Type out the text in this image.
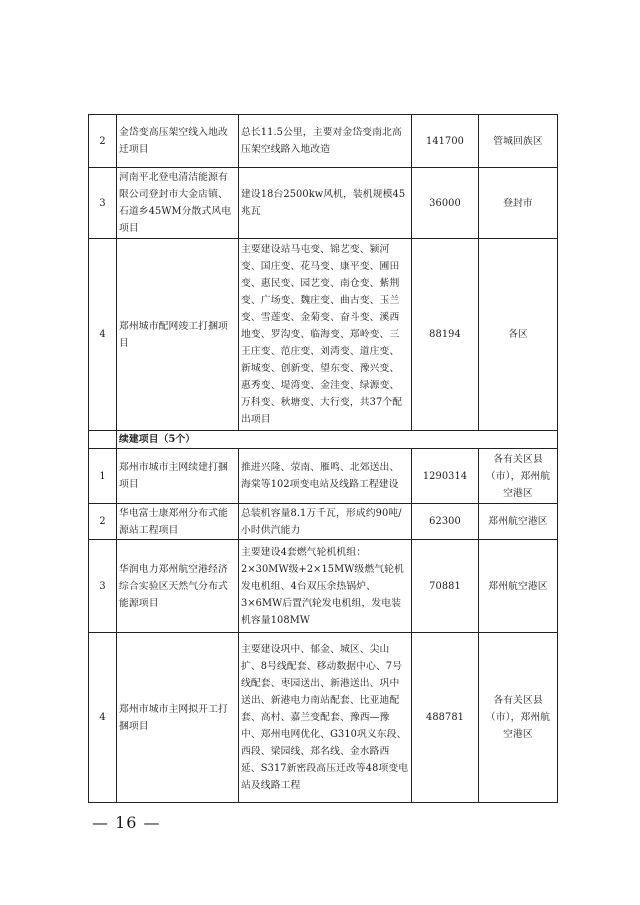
2	金岱变高压架空线入地改迁项目	总长11.5公里，主要对金岱变南北高压架空线路入地改造	141700	管城回族区
3	河南平北登电清洁能源有限公司登封市大金店镇、石道乡45WM分散式风电项目	建设18台2500kw风机，装机规模45兆瓦	36000	登封市
4	郑州城市配网竣工打捆项目	主要建设站马屯变、锦艺变、颍河变、国庄变、花马变、康平变、圃田变、惠民变、园艺变、南仓变、紫荆变、广场变、魏庄变、曲古变、玉兰变、雪莲变、金菊变、奋斗变、溪西地变、罗沟变、临海变、郑岭变、三王庄变、范庄变、刘湾变、道庄变、新城变、创新变、望东变、豫兴变、惠秀变、堤湾变、金洼变、绿源变、万科变、秋塘变、大行变，共37个配出项目	88194	各区
	续建项目（5个）			
1	郑州市城市主网续建打捆项目	推进兴隆、荥南、雁鸣、北郊送出、海棠等102项变电站及线路工程建设	1290314	各有关区县（市），郑州航空港区
2	华电富士康郑州分布式能源站工程项目	总装机容量8.1万千瓦，形成约90吨/小时供汽能力	62300	郑州航空港区
3	华润电力郑州航空港经济综合实验区天然气分布式能源项目	主要建设4套燃气轮机机组：2×30MW级+2×15MW级燃气轮机发电机组、4台双压余热锅炉、3×6MW后置汽轮发电机组，发电装机容量108MW	70881	郑州航空港区
4	郑州市城市主网拟开工打捆项目	主要建设巩中、郁金、城区、尖山扩、8号线配套、移动数据中心、7号线配套、枣园送出、新港送出、巩中送出、新港电力南站配套、比亚迪配套、高村、嘉兰变配套、豫西—豫中、郑州电网优化、G310巩义东段、西段、梁园线、郑名线、金水路西延、S317新密段高压迁改等48项变电站及线路工程	488781	各有关区县（市），郑州航空港区
— 16 —
